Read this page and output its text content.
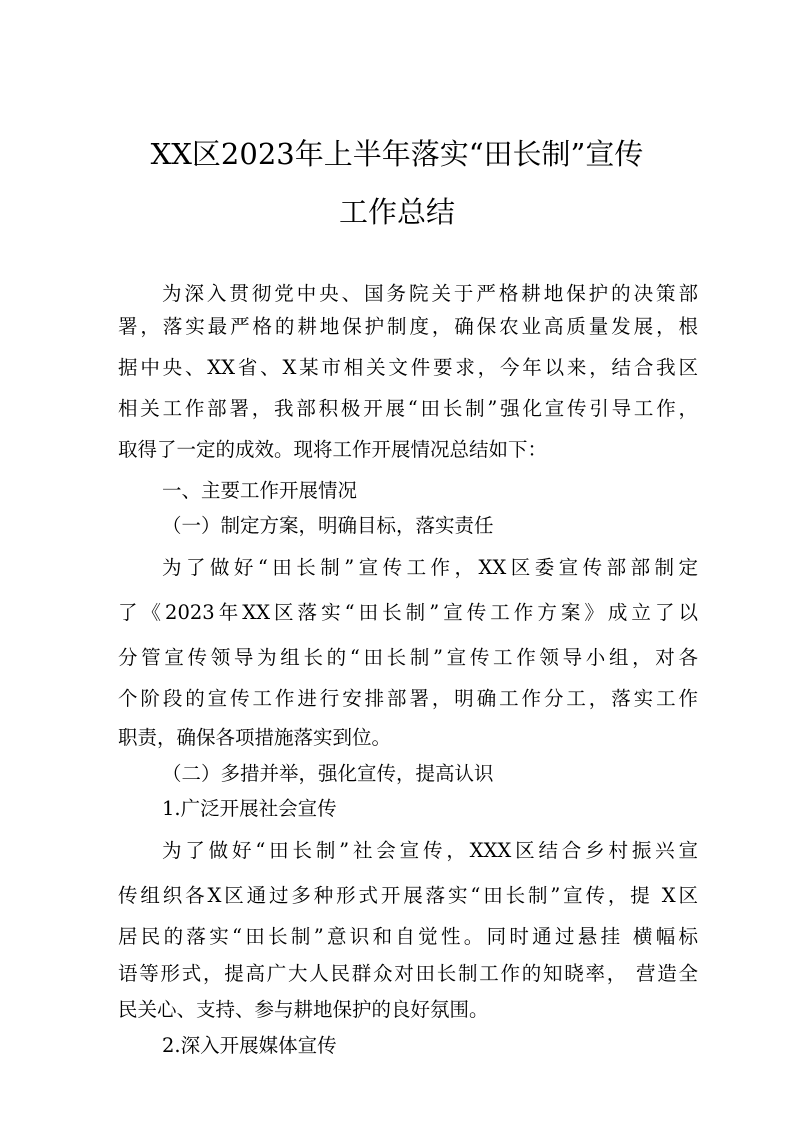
XX区2023年上半年落实“田长制”宣传
工作总结

为深入贯彻党中央、国务院关于严格耕地保护的决策部

署，落实最严格的耕地保护制度，确保农业高质量发展，根

据中央、XX省、X某市相关文件要求，今年以来，结合我区

相关工作部署，我部积极开展“田长制”强化宣传引导工作，

取得了一定的成效。现将工作开展情况总结如下：

一、主要工作开展情况

（一）制定方案，明确目标，落实责任

为了做好“田长制”宣传工作，XX区委宣传部部制定

了《2023年XX区落实“田长制”宣传工作方案》成立了以

分管宣传领导为组长的“田长制”宣传工作领导小组，对各

个阶段的宣传工作进行安排部署，明确工作分工，落实工作

职责，确保各项措施落实到位。

（二）多措并举，强化宣传，提高认识

1.广泛开展社会宣传

为了做好“田长制”社会宣传，XXX区结合乡村振兴宣

传组织各X区通过多种形式开展落实“田长制”宣传，提 X区

居民的落实“田长制”意识和自觉性。同时通过悬挂 横幅标

语等形式，提高广大人民群众对田长制工作的知晓率， 营造全

民关心、支持、参与耕地保护的良好氛围。

2.深入开展媒体宣传
